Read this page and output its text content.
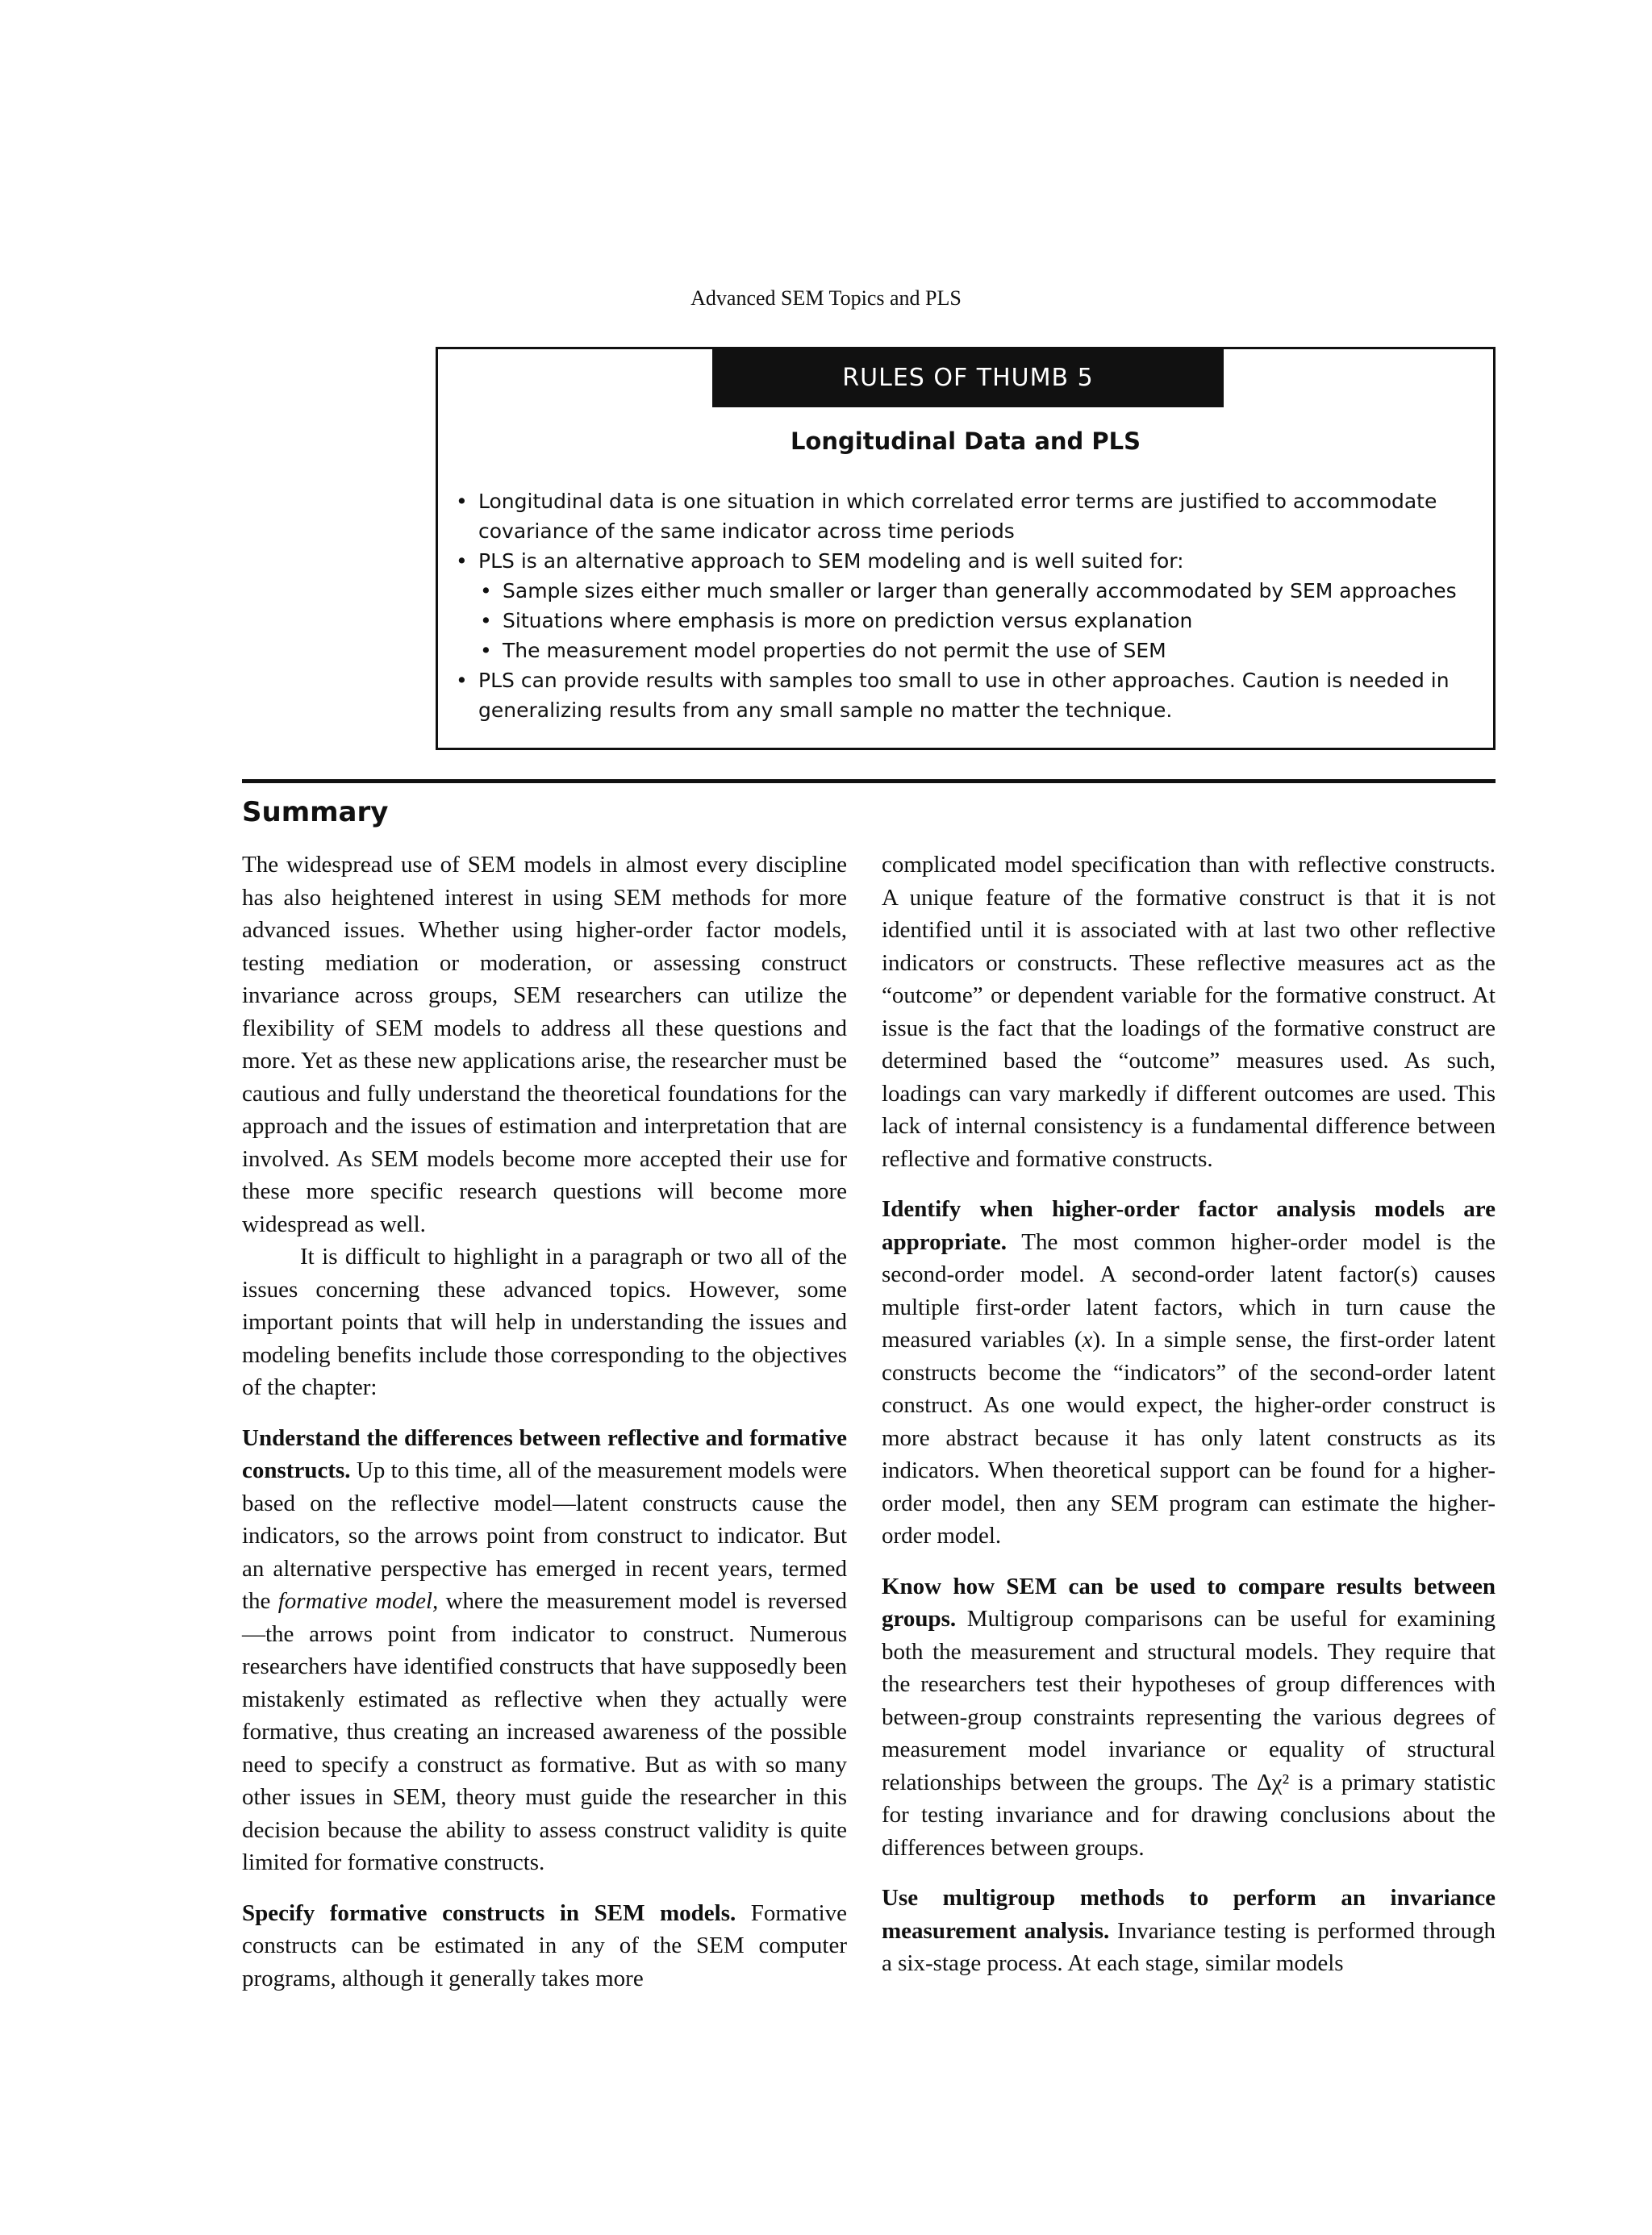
Advanced SEM Topics and PLS
RULES OF THUMB 5
Longitudinal Data and PLS
• Longitudinal data is one situation in which correlated error terms are justified to accommodate covariance of the same indicator across time periods
• PLS is an alternative approach to SEM modeling and is well suited for:
• Sample sizes either much smaller or larger than generally accommodated by SEM approaches
• Situations where emphasis is more on prediction versus explanation
• The measurement model properties do not permit the use of SEM
• PLS can provide results with samples too small to use in other approaches. Caution is needed in generalizing results from any small sample no matter the technique.
Summary

The widespread use of SEM models in almost every discipline has also heightened interest in using SEM methods for more advanced issues. Whether using higher-order factor models, testing mediation or moderation, or assessing construct invariance across groups, SEM researchers can utilize the flexibility of SEM models to address all these questions and more. Yet as these new applications arise, the researcher must be cautious and fully understand the theoretical foundations for the approach and the issues of estimation and interpretation that are involved. As SEM models become more accepted their use for these more specific research questions will become more widespread as well.

It is difficult to highlight in a paragraph or two all of the issues concerning these advanced topics. However, some important points that will help in understanding the issues and modeling benefits include those corresponding to the objectives of the chapter:

Understand the differences between reflective and formative constructs. Up to this time, all of the measurement models were based on the reflective model—latent constructs cause the indicators, so the arrows point from construct to indicator. But an alternative perspective has emerged in recent years, termed the formative model, where the measurement model is reversed—the arrows point from indicator to construct. Numerous researchers have identified constructs that have supposedly been mistakenly estimated as reflective when they actually were formative, thus creating an increased awareness of the possible need to specify a construct as formative. But as with so many other issues in SEM, theory must guide the researcher in this decision because the ability to assess construct validity is quite limited for formative constructs.

Specify formative constructs in SEM models. Formative constructs can be estimated in any of the SEM computer programs, although it generally takes more

complicated model specification than with reflective constructs. A unique feature of the formative construct is that it is not identified until it is associated with at last two other reflective indicators or constructs. These reflective measures act as the “outcome” or dependent variable for the formative construct. At issue is the fact that the loadings of the formative construct are determined based the “outcome” measures used. As such, loadings can vary markedly if different outcomes are used. This lack of internal consistency is a fundamental difference between reflective and formative constructs.

Identify when higher-order factor analysis models are appropriate. The most common higher-order model is the second-order model. A second-order latent factor(s) causes multiple first-order latent factors, which in turn cause the measured variables (x). In a simple sense, the first-order latent constructs become the “indicators” of the second-order latent construct. As one would expect, the higher-order construct is more abstract because it has only latent constructs as its indicators. When theoretical support can be found for a higher-order model, then any SEM program can estimate the higher-order model.

Know how SEM can be used to compare results between groups. Multigroup comparisons can be useful for examining both the measurement and structural models. They require that the researchers test their hypotheses of group differences with between-group constraints representing the various degrees of measurement model invariance or equality of structural relationships between the groups. The Δχ² is a primary statistic for testing invariance and for drawing conclusions about the differences between groups.

Use multigroup methods to perform an invariance measurement analysis. Invariance testing is performed through a six-stage process. At each stage, similar models
